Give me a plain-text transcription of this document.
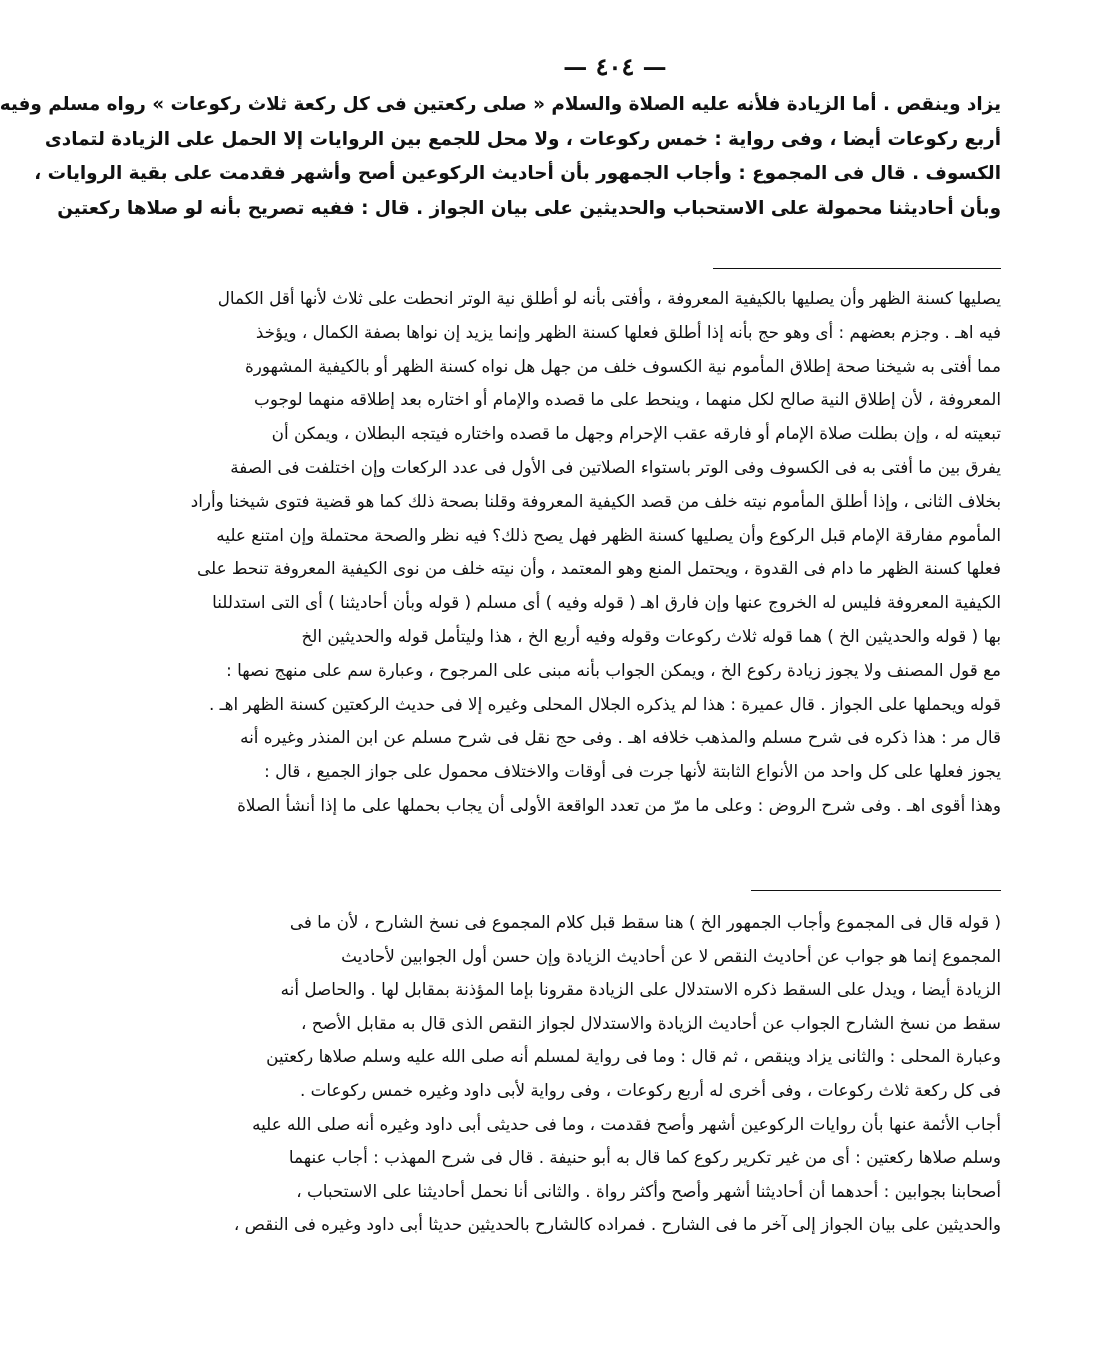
— ٤٠٤ —
يزاد وينقص . أما الزيادة فلأنه عليه الصلاة والسلام « صلى ركعتين فى كل ركعة ثلاث ركوعات » رواه مسلم وفيه
أربع ركوعات أيضا ، وفى رواية : خمس ركوعات ، ولا محل للجمع بين الروايات إلا الحمل على الزيادة لتمادى
الكسوف . قال فى المجموع : وأجاب الجمهور بأن أحاديث الركوعين أصح وأشهر فقدمت على بقية الروايات ،
وبأن أحاديثنا محمولة على الاستحباب والحديثين على بيان الجواز . قال : ففيه تصريح بأنه لو صلاها ركعتين
يصليها كسنة الظهر وأن يصليها بالكيفية المعروفة ، وأفتى بأنه لو أطلق نية الوتر انحطت على ثلاث لأنها أقل الكمال
فيه اهـ . وجزم بعضهم : أى وهو حج بأنه إذا أطلق فعلها كسنة الظهر وإنما يزيد إن نواها بصفة الكمال ، ويؤخذ
مما أفتى به شيخنا صحة إطلاق المأموم نية الكسوف خلف من جهل هل نواه كسنة الظهر أو بالكيفية المشهورة
المعروفة ، لأن إطلاق النية صالح لكل منهما ، وينحط على ما قصده والإمام أو اختاره بعد إطلاقه منهما لوجوب
تبعيته له ، وإن بطلت صلاة الإمام أو فارقه عقب الإحرام وجهل ما قصده واختاره فيتجه البطلان ، ويمكن أن
يفرق بين ما أفتى به فى الكسوف وفى الوتر باستواء الصلاتين فى الأول فى عدد الركعات وإن اختلفت فى الصفة
بخلاف الثانى ، وإذا أطلق المأموم نيته خلف من قصد الكيفية المعروفة وقلنا بصحة ذلك كما هو قضية فتوى شيخنا وأراد
المأموم مفارقة الإمام قبل الركوع وأن يصليها كسنة الظهر فهل يصح ذلك؟ فيه نظر والصحة محتملة وإن امتنع عليه
فعلها كسنة الظهر ما دام فى القدوة ، ويحتمل المنع وهو المعتمد ، وأن نيته خلف من نوى الكيفية المعروفة تنحط على
الكيفية المعروفة فليس له الخروج عنها وإن فارق اهـ ( قوله وفيه ) أى مسلم ( قوله وبأن أحاديثنا ) أى التى استدللنا
بها ( قوله والحديثين الخ ) هما قوله ثلاث ركوعات وقوله وفيه أربع الخ ، هذا وليتأمل قوله والحديثين الخ
مع قول المصنف ولا يجوز زيادة ركوع الخ ، ويمكن الجواب بأنه مبنى على المرجوح ، وعبارة سم على منهج نصها :
قوله ويحملها على الجواز . قال عميرة : هذا لم يذكره الجلال المحلى وغيره إلا فى حديث الركعتين كسنة الظهر اهـ .
قال مر : هذا ذكره فى شرح مسلم والمذهب خلافه اهـ . وفى حج نقل فى شرح مسلم عن ابن المنذر وغيره أنه
يجوز فعلها على كل واحد من الأنواع الثابتة لأنها جرت فى أوقات والاختلاف محمول على جواز الجميع ، قال :
وهذا أقوى اهـ . وفى شرح الروض : وعلى ما مرّ من تعدد الواقعة الأولى أن يجاب بحملها على ما إذا أنشأ الصلاة
( قوله قال فى المجموع وأجاب الجمهور الخ ) هنا سقط قبل كلام المجموع فى نسخ الشارح ، لأن ما فى
المجموع إنما هو جواب عن أحاديث النقص لا عن أحاديث الزيادة وإن حسن أول الجوابين لأحاديث
الزيادة أيضا ، ويدل على السقط ذكره الاستدلال على الزيادة مقرونا بإما المؤذنة بمقابل لها . والحاصل أنه
سقط من نسخ الشارح الجواب عن أحاديث الزيادة والاستدلال لجواز النقص الذى قال به مقابل الأصح ،
وعبارة المحلى : والثانى يزاد وينقص ، ثم قال : وما فى رواية لمسلم أنه صلى الله عليه وسلم صلاها ركعتين
فى كل ركعة ثلاث ركوعات ، وفى أخرى له أربع ركوعات ، وفى رواية لأبى داود وغيره خمس ركوعات .
أجاب الأئمة عنها بأن روايات الركوعين أشهر وأصح فقدمت ، وما فى حديثى أبى داود وغيره أنه صلى الله عليه
وسلم صلاها ركعتين : أى من غير تكرير ركوع كما قال به أبو حنيفة . قال فى شرح المهذب : أجاب عنهما
أصحابنا بجوابين : أحدهما أن أحاديثنا أشهر وأصح وأكثر رواة . والثانى أنا نحمل أحاديثنا على الاستحباب ،
والحديثين على بيان الجواز إلى آخر ما فى الشارح . فمراده كالشارح بالحديثين حديثا أبى داود وغيره فى النقص ،
